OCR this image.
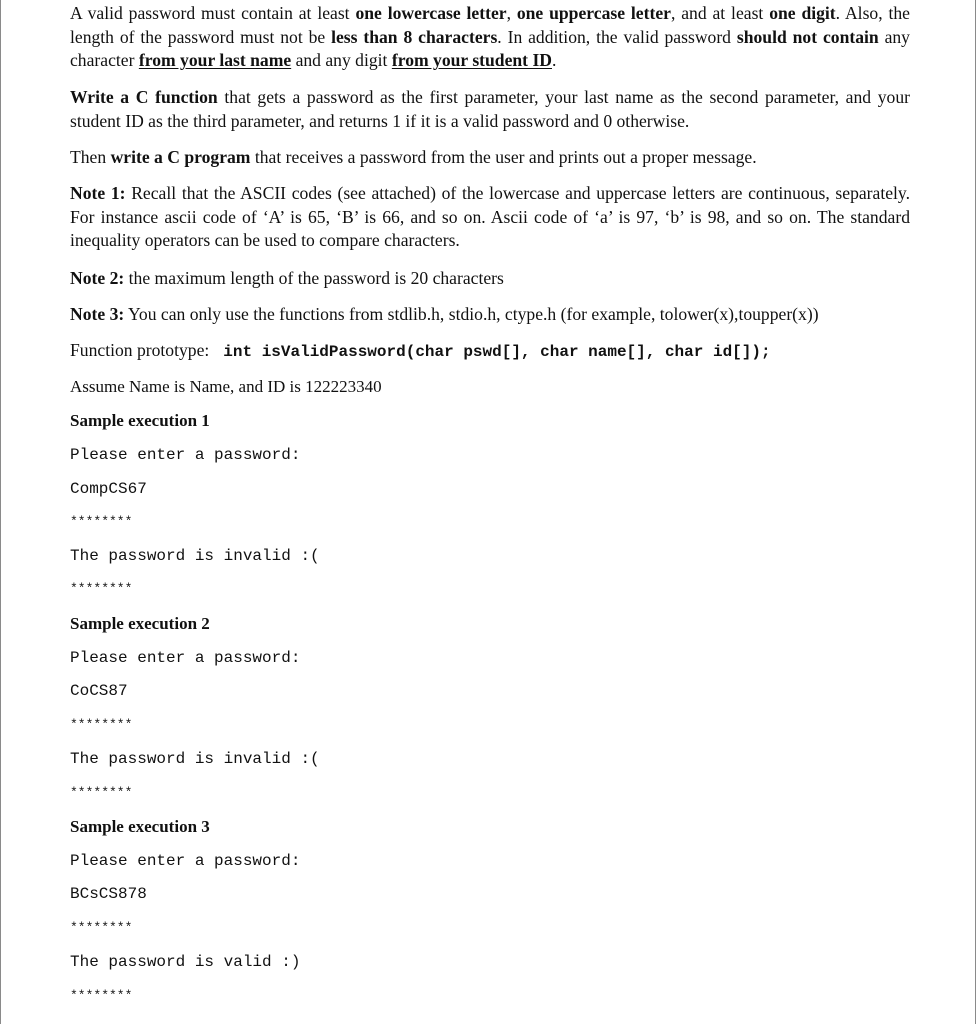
A valid password must contain at least one lowercase letter, one uppercase letter, and at least one digit. Also, the length of the password must not be less than 8 characters. In addition, the valid password should not contain any character from your last name and any digit from your student ID.
Write a C function that gets a password as the first parameter, your last name as the second parameter, and your student ID as the third parameter, and returns 1 if it is a valid password and 0 otherwise.
Then write a C program that receives a password from the user and prints out a proper message.
Note 1: Recall that the ASCII codes (see attached) of the lowercase and uppercase letters are continuous, separately. For instance ascii code of ‘A’ is 65, ‘B’ is 66, and so on. Ascii code of ‘a’ is 97, ‘b’ is 98, and so on. The standard inequality operators can be used to compare characters.
Note 2: the maximum length of the password is 20 characters
Note 3: You can only use the functions from stdlib.h, stdio.h, ctype.h (for example, tolower(x),toupper(x))
Function prototype: int isValidPassword(char pswd[], char name[], char id[]);
Assume Name is Name, and ID is 122223340
Sample execution 1
Please enter a password:
CompCS67
********
The password is invalid :(
********
Sample execution 2
Please enter a password:
CoCS87
********
The password is invalid :(
********
Sample execution 3
Please enter a password:
BCsCS878
********
The password is valid :)
********
